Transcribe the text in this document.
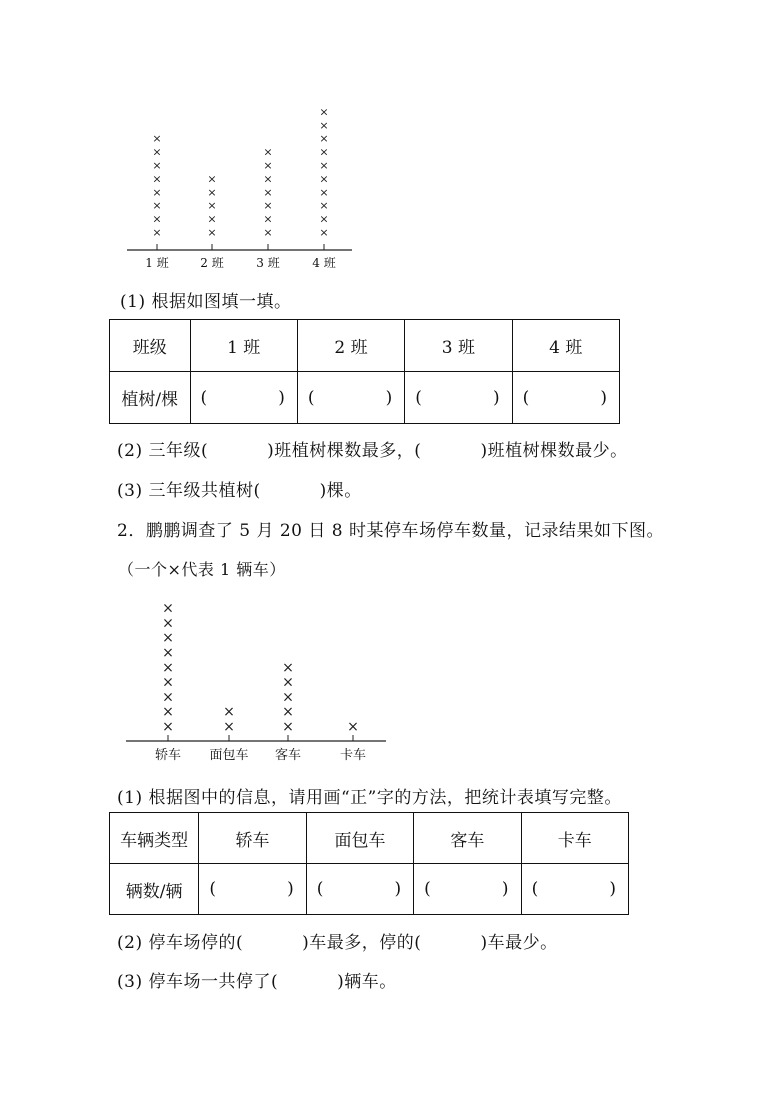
1 班
×
×
×
×
×
×
×
×
2 班
×
×
×
×
×
3 班
×
×
×
×
×
×
×
4 班
×
×
×
×
×
×
×
×
×
×
(1) 根据如图填一填。
班级	1 班	2 班	3 班	4 班
植树/棵	( )	( )	( )	( )
(2) 三年级(          )班植树棵数最多，(          )班植树棵数最少。
(3) 三年级共植树(          )棵。
2．鹏鹏调查了 5 月 20 日 8 时某停车场停车数量，记录结果如下图。
（一个×代表 1 辆车）
轿车
×
×
×
×
×
×
×
×
×
面包车
×
×
客车
×
×
×
×
×
卡车
×
(1) 根据图中的信息，请用画“正”字的方法，把统计表填写完整。
车辆类型	轿车	面包车	客车	卡车
辆数/辆	( )	( )	( )	( )
(2) 停车场停的(          )车最多，停的(          )车最少。
(3) 停车场一共停了(          )辆车。
